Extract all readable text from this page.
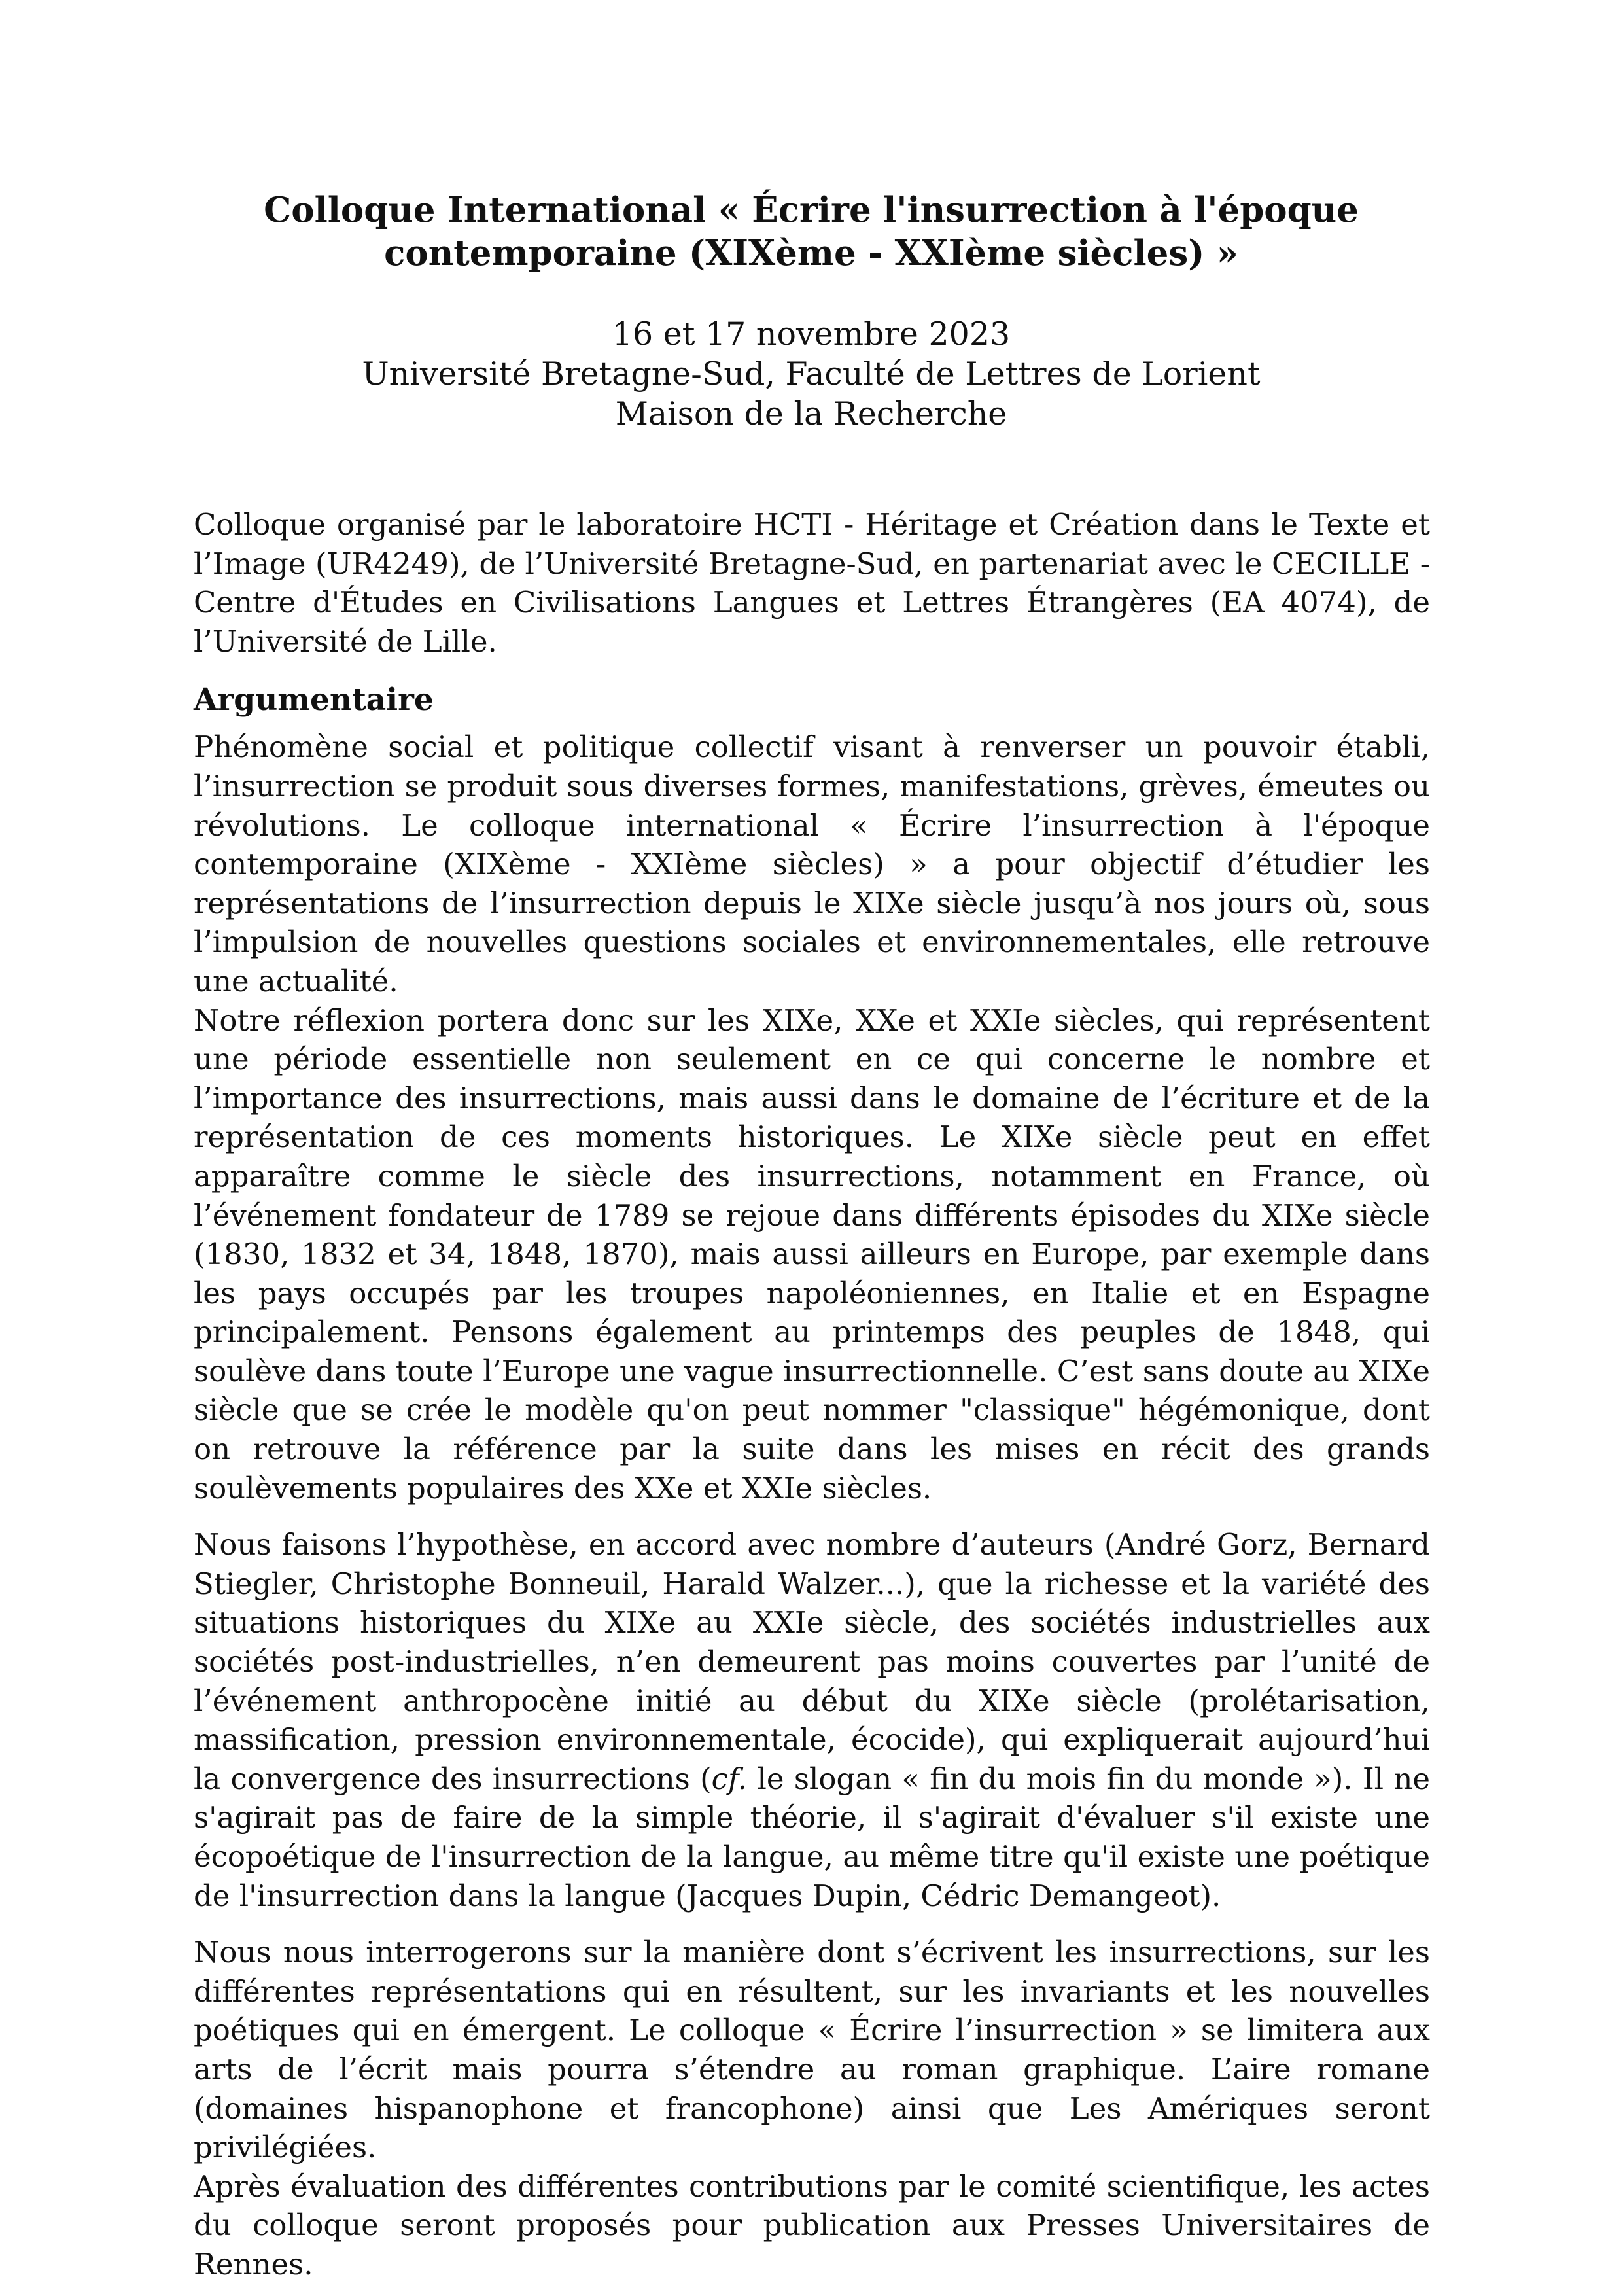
Colloque International « Écrire l'insurrection à l'époque
contemporaine (XIXème - XXIème siècles) »
16 et 17 novembre 2023
Université Bretagne-Sud, Faculté de Lettres de Lorient
Maison de la Recherche

Colloque organisé par le laboratoire HCTI - Héritage et Création dans le Texte et l’Image (UR4249), de l’Université Bretagne-Sud, en partenariat avec le CECILLE - Centre d'Études en Civilisations Langues et Lettres Étrangères (EA 4074), de l’Université de Lille.

Argumentaire

Phénomène social et politique collectif visant à renverser un pouvoir établi, l’insurrection se produit sous diverses formes, manifestations, grèves, émeutes ou révolutions. Le colloque international « Écrire l’insurrection à l'époque contemporaine (XIXème - XXIème siècles) » a pour objectif d’étudier les représentations de l’insurrection depuis le XIXe siècle jusqu’à nos jours où, sous l’impulsion de nouvelles questions sociales et environnementales, elle retrouve une actualité.

Notre réflexion portera donc sur les XIXe, XXe et XXIe siècles, qui représentent une période essentielle non seulement en ce qui concerne le nombre et l’importance des insurrections, mais aussi dans le domaine de l’écriture et de la représentation de ces moments historiques. Le XIXe siècle peut en effet apparaître comme le siècle des insurrections, notamment en France, où l’événement fondateur de 1789 se rejoue dans différents épisodes du XIXe siècle (1830, 1832 et 34, 1848, 1870), mais aussi ailleurs en Europe, par exemple dans les pays occupés par les troupes napoléoniennes, en Italie et en Espagne principalement. Pensons également au printemps des peuples de 1848, qui soulève dans toute l’Europe une vague insurrectionnelle. C’est sans doute au XIXe siècle que se crée le modèle qu'on peut nommer "classique" hégémonique, dont on retrouve la référence par la suite dans les mises en récit des grands soulèvements populaires des XXe et XXIe siècles.

Nous faisons l’hypothèse, en accord avec nombre d’auteurs (André Gorz, Bernard Stiegler, Christophe Bonneuil, Harald Walzer...), que la richesse et la variété des situations historiques du XIXe au XXIe siècle, des sociétés industrielles aux sociétés post-industrielles, n’en demeurent pas moins couvertes par l’unité de l’événement anthropocène initié au début du XIXe siècle (prolétarisation, massification, pression environnementale, écocide), qui expliquerait aujourd’hui la convergence des insurrections (cf. le slogan « fin du mois fin du monde »). Il ne s'agirait pas de faire de la simple théorie, il s'agirait d'évaluer s'il existe une écopoétique de l'insurrection de la langue, au même titre qu'il existe une poétique de l'insurrection dans la langue (Jacques Dupin, Cédric Demangeot).

Nous nous interrogerons sur la manière dont s’écrivent les insurrections, sur les différentes représentations qui en résultent, sur les invariants et les nouvelles poétiques qui en émergent. Le colloque « Écrire l’insurrection » se limitera aux arts de l’écrit mais pourra s’étendre au roman graphique. L’aire romane (domaines hispanophone et francophone) ainsi que Les Amériques seront privilégiées.

Après évaluation des différentes contributions par le comité scientifique, les actes du colloque seront proposés pour publication aux Presses Universitaires de Rennes.
